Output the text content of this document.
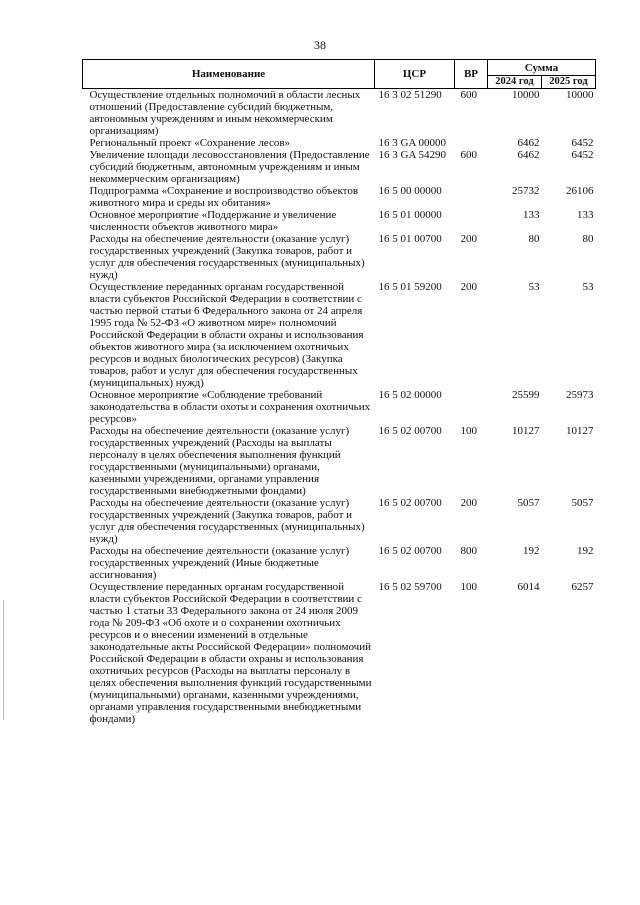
38
Наименование	ЦСР	ВР	Сумма	
			2024 год	2025 год
Осуществление отдельных полномочий в области лесных отношений (Предоставление субсидий бюджетным, автономным учреждениям и иным некоммерческим организациям)	16 3 02 51290	600	10000	10000
Региональный проект «Сохранение лесов»	16 3 GA 00000		6462	6452
Увеличение площади лесовосстановления (Предоставление субсидий бюджетным, автономным учреждениям и иным некоммерческим организациям)	16 3 GA 54290	600	6462	6452
Подпрограмма «Сохранение и воспроизводство объектов животного мира и среды их обитания»	16 5 00 00000		25732	26106
Основное мероприятие «Поддержание и увеличение численности объектов животного мира»	16 5 01 00000		133	133
Расходы на обеспечение деятельности (оказание услуг) государственных учреждений (Закупка товаров, работ и услуг для обеспечения государственных (муниципальных) нужд)	16 5 01 00700	200	80	80
Осуществление переданных органам государственной власти субъектов Российской Федерации в соответствии с частью первой статьи 6 Федерального закона от 24 апреля 1995 года № 52-ФЗ «О животном мире» полномочий Российской Федерации в области охраны и использования объектов животного мира (за исключением охотничьих ресурсов и водных биологических ресурсов) (Закупка товаров, работ и услуг для обеспечения государственных (муниципальных) нужд)	16 5 01 59200	200	53	53
Основное мероприятие «Соблюдение требований законодательства в области охоты и сохранения охотничьих ресурсов»	16 5 02 00000		25599	25973
Расходы на обеспечение деятельности (оказание услуг) государственных учреждений (Расходы на выплаты персоналу в целях обеспечения выполнения функций государственными (муниципальными) органами, казенными учреждениями, органами управления государственными внебюджетными фондами)	16 5 02 00700	100	10127	10127
Расходы на обеспечение деятельности (оказание услуг) государственных учреждений (Закупка товаров, работ и услуг для обеспечения государственных (муниципальных) нужд)	16 5 02 00700	200	5057	5057
Расходы на обеспечение деятельности (оказание услуг) государственных учреждений (Иные бюджетные ассигнования)	16 5 02 00700	800	192	192
Осуществление переданных органам государственной власти субъектов Российской Федерации в соответствии с частью 1 статьи 33 Федерального закона от 24 июля 2009 года № 209-ФЗ «Об охоте и о сохранении охотничьих ресурсов и о внесении изменений в отдельные законодательные акты Российской Федерации» полномочий Российской Федерации в области охраны и использования охотничьих ресурсов (Расходы на выплаты персоналу в целях обеспечения выполнения функций государственными (муниципальными) органами, казенными учреждениями, органами управления государственными внебюджетными фондами)	16 5 02 59700	100	6014	6257
